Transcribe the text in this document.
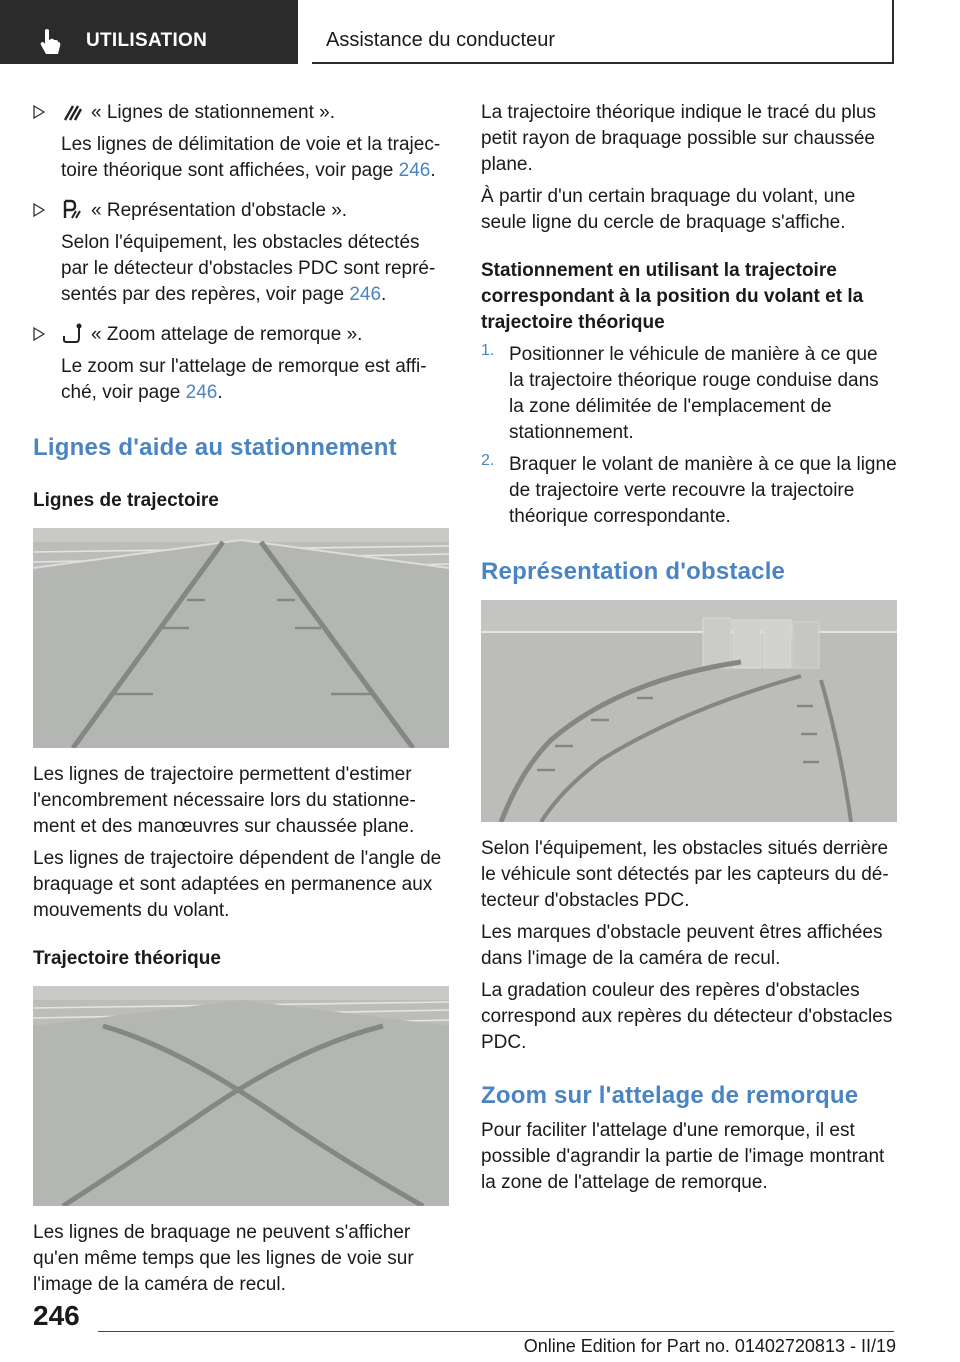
UTILISATION	Assistance du conducteur

« Lignes de stationnement ».

Les lignes de délimitation de voie et la trajectoire théorique sont affichées, voir page 246.

« Représentation d'obstacle ».

Selon l'équipement, les obstacles détectés par le détecteur d'obstacles PDC sont représentés par des repères, voir page 246.

« Zoom attelage de remorque ».

Le zoom sur l'attelage de remorque est affiché, voir page 246.

Lignes d'aide au stationnement
Lignes de trajectoire

Les lignes de trajectoire permettent d'estimer l'encombrement nécessaire lors du stationnement et des manœuvres sur chaussée plane.

Les lignes de trajectoire dépendent de l'angle de braquage et sont adaptées en permanence aux mouvements du volant.

Trajectoire théorique

Les lignes de braquage ne peuvent s'afficher qu'en même temps que les lignes de voie sur l'image de la caméra de recul.

La trajectoire théorique indique le tracé du plus petit rayon de braquage possible sur chaussée plane.

À partir d'un certain braquage du volant, une seule ligne du cercle de braquage s'affiche.

Stationnement en utilisant la trajectoire correspondant à la position du volant et la trajectoire théorique
1. Positionner le véhicule de manière à ce que la trajectoire théorique rouge conduise dans la zone délimitée de l'emplacement de stationnement.

2. Braquer le volant de manière à ce que la ligne de trajectoire verte recouvre la trajectoire théorique correspondante.

Représentation d'obstacle

Selon l'équipement, les obstacles situés derrière le véhicule sont détectés par les capteurs du détecteur d'obstacles PDC.

Les marques d'obstacle peuvent êtres affichées dans l'image de la caméra de recul.

La gradation couleur des repères d'obstacles correspond aux repères du détecteur d'obstacles PDC.

Zoom sur l'attelage de remorque

Pour faciliter l'attelage d'une remorque, il est possible d'agrandir la partie de l'image montrant la zone de l'attelage de remorque.

246
Online Edition for Part no. 01402720813 - II/19
